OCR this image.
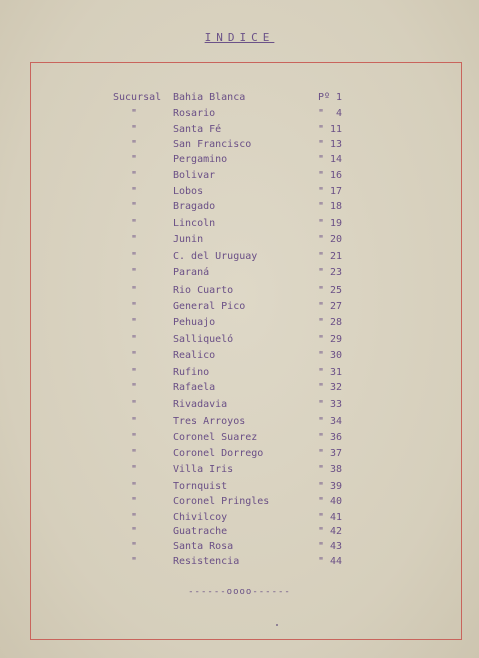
INDICE
Sucursal Bahia Blanca	Pº 1
"	Rosario	"  4
"	Santa Fé	" 11
"	San Francisco	" 13
"	Pergamino	" 14
"	Bolivar	" 16
"	Lobos	" 17
"	Bragado	" 18
"	Lincoln	" 19
"	Junin	" 20
"	C. del Uruguay	" 21
"	Paraná	" 23
"	Rio Cuarto	" 25
"	General Pico	" 27
"	Pehuajo	" 28
"	Salliqueló	" 29
"	Realico	" 30
"	Rufino	" 31
"	Rafaela	" 32
"	Rivadavia	" 33
"	Tres Arroyos	" 34
"	Coronel Suarez	" 36
"	Coronel Dorrego	" 37
"	Villa Iris	" 38
"	Tornquist	" 39
"	Coronel Pringles	" 40
"	Chivilcoy	" 41
"	Guatrache	" 42
"	Santa Rosa	" 43
"	Resistencia	" 44
------oooo------
